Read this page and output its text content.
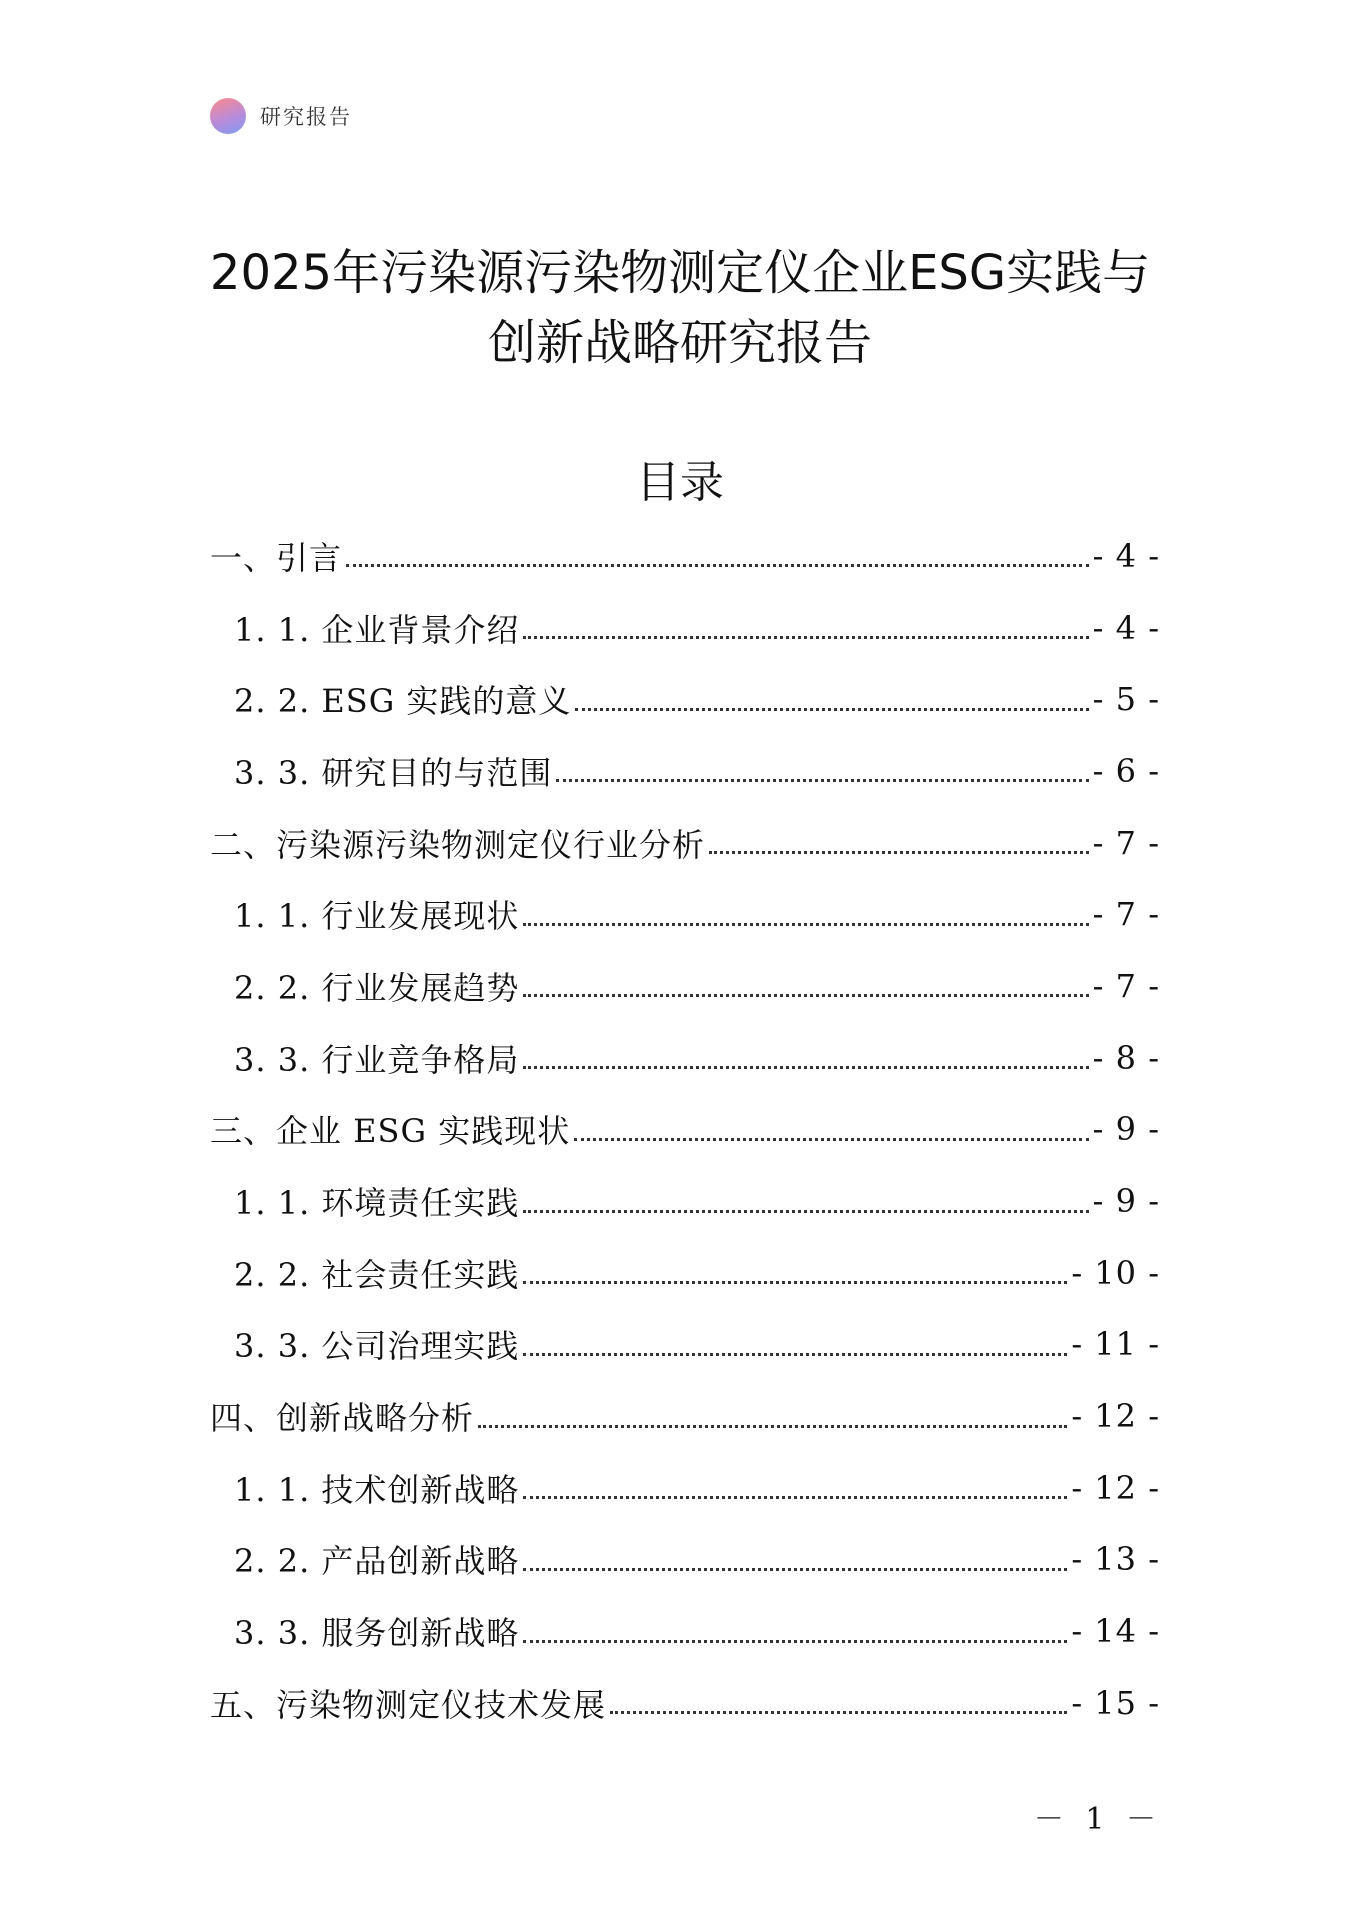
研究报告
2025年污染源污染物测定仪企业ESG实践与
创新战略研究报告
目录
一、引言	- 4 -
1. 1. 企业背景介绍	- 4 -
2. 2. ESG 实践的意义	- 5 -
3. 3. 研究目的与范围	- 6 -
二、污染源污染物测定仪行业分析	- 7 -
1. 1. 行业发展现状	- 7 -
2. 2. 行业发展趋势	- 7 -
3. 3. 行业竞争格局	- 8 -
三、企业 ESG 实践现状	- 9 -
1. 1. 环境责任实践	- 9 -
2. 2. 社会责任实践	- 10 -
3. 3. 公司治理实践	- 11 -
四、创新战略分析	- 12 -
1. 1. 技术创新战略	- 12 -
2. 2. 产品创新战略	- 13 -
3. 3. 服务创新战略	- 14 -
五、污染物测定仪技术发展	- 15 -
－ 1 －
